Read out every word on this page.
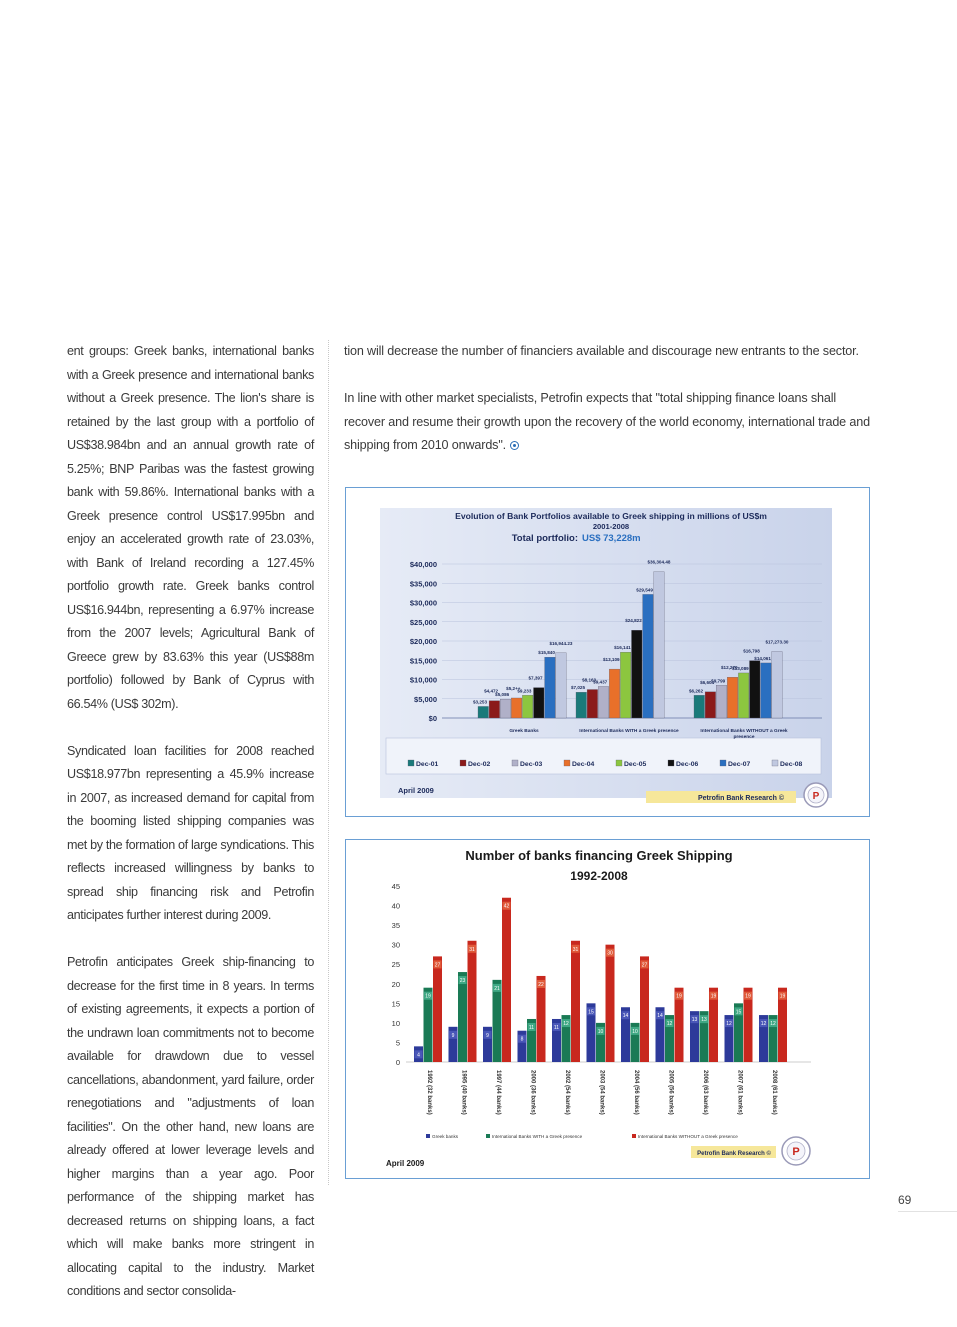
ent groups: Greek banks, international banks with a Greek presence and international banks without a Greek presence. The lion's share is retained by the last group with a portfolio of US$38.984bn and an annual growth rate of 5.25%; BNP Paribas was the fastest growing bank with 59.86%. International banks with a Greek presence control US$17.995bn and enjoy an accelerated growth rate of 23.03%, with Bank of Ireland recording a 127.45% portfolio growth rate. Greek banks control US$16.944bn, representing a 6.97% increase from the 2007 levels; Agricultural Bank of Greece grew by 83.63% this year (US$88m portfolio) followed by Bank of Cyprus with 66.54% (US$ 302m).

Syndicated loan facilities for 2008 reached US$18.977bn representing a 45.9% increase in 2007, as increased demand for capital from the booming listed shipping companies was met by the formation of large syndications. This reflects increased willingness by banks to spread ship financing risk and Petrofin anticipates further interest during 2009.

Petrofin anticipates Greek ship-financing to decrease for the first time in 8 years. In terms of existing agreements, it expects a portion of the undrawn loan commitments not to become available for drawdown due to vessel cancellations, abandonment, yard failure, order renegotiations and "adjustments of loan facilities". On the other hand, new loans are already offered at lower leverage levels and higher margins than a year ago. Poor performance of the shipping market has decreased returns on shipping loans, a fact which will make banks more stringent in allocating capital to the industry. Market conditions and sector consolida-

tion will decrease the number of financiers available and discourage new entrants to the sector.

In line with other market specialists, Petrofin expects that "total shipping finance loans shall recover and resume their growth upon the recovery of the world economy, international trade and shipping from 2010 onwards".

Evolution of Bank Portfolios available to Greek shipping in millions of US$m
2001-2008
Total portfolio: US$ 73,228m
$0
$5,000
$10,000
$15,000
$20,000
$25,000
$30,000
$35,000
$40,000
$3,253
$4,472
$5,086
$5,2++
$9,233
$7,397
$15,840
$16,944.23
$7,025
$8,163
$9,437
$13,109
$16,141
$24,822
$29,549
$36,304.48
$6,262
$6,604
$9,799
$12,270
$13,089
$16,798
$14,061
$17,273.30
Greek Banks	International Banks WITH a Greek presence	International Banks WITHOUT a Greek
presence
Dec-01	Dec-02	Dec-03	Dec-04	Dec-05	Dec-06	Dec-07	Dec-08
April 2009
Petrofin Bank Research ©	P
Number of banks financing Greek Shipping
1992-2008
0
5
10
15
20
25
30
35
40
45
4
19
27
9
23
31
9
21
42
8
11
22
11
12
31
15
10
30
14
10
27
14
12
19
13 13
19
12
15
19
12 12
19
1992 (32 banks)	1995 (40 banks)	1997 (44 banks)	2000 (36 banks)	2002 (54 banks)	2003 (54 banks)	2004 (56 banks)	2005 (56 banks)	2006 (63 banks)	2007 (61 banks)	2008 (61 banks)
Greek banks	International Banks WITH a Greek presence	International Banks WITHOUT a Greek presence
April 2009
Petrofin Bank Research © P
69
